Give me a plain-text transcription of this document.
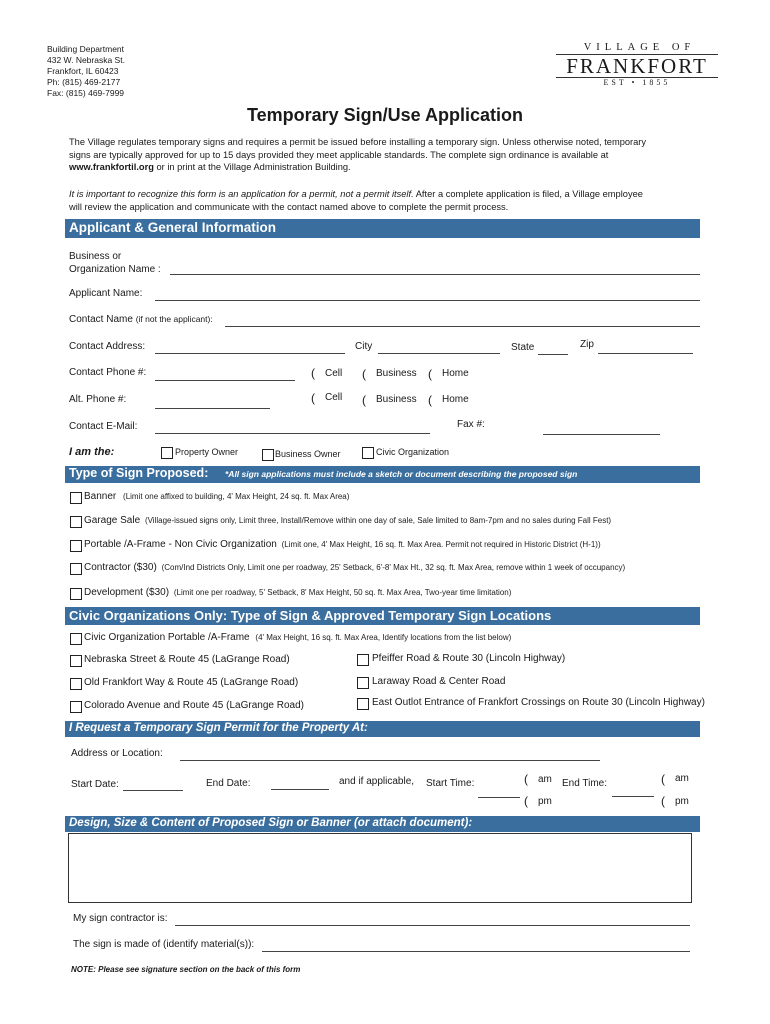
Building Department
432 W. Nebraska St.
Frankfort, IL 60423
Ph: (815) 469-2177
Fax: (815) 469-7999
VILLAGE OF
FRANKFORT
EST • 1855
Temporary Sign/Use Application
The Village regulates temporary signs and requires a permit be issued before installing a temporary sign. Unless otherwise noted, temporary
signs are typically approved for up to 15 days provided they meet applicable standards. The complete sign ordinance is available at
www.frankfortil.org or in print at the Village Administration Building.
It is important to recognize this form is an application for a permit, not a permit itself. After a complete application is filed, a Village employee
will review the application and communicate with the contact named above to complete the permit process.
Applicant & General Information
Business or
Organization Name :
Applicant Name:
Contact Name (if not the applicant):
Contact Address:	City	State	Zip
Contact Phone #:	( Cell ( Business ( Home
Alt. Phone #:	( Cell ( Business ( Home
Fax #:
Contact E-Mail:
I am the:	Property Owner	Business Owner	Civic Organization
Type of Sign Proposed: *All sign applications must include a sketch or document describing the proposed sign
Banner (Limit one affixed to building, 4' Max Height, 24 sq. ft. Max Area)
Garage Sale (Village-issued signs only, Limit three, Install/Remove within one day of sale, Sale limited to 8am-7pm and no sales during Fall Fest)
Portable /A-Frame - Non Civic Organization (Limit one, 4' Max Height, 16 sq. ft. Max Area. Permit not required in Historic District (H-1))
Contractor ($30) (Com/Ind Districts Only, Limit one per roadway, 25' Setback, 6'-8' Max Ht., 32 sq. ft. Max Area, remove within 1 week of occupancy)
Development ($30) (Limit one per roadway, 5' Setback, 8' Max Height, 50 sq. ft. Max Area, Two-year time limitation)
Civic Organizations Only: Type of Sign & Approved Temporary Sign Locations
Civic Organization Portable /A-Frame (4' Max Height, 16 sq. ft. Max Area, Identify locations from the list below)
Nebraska Street & Route 45 (LaGrange Road)	Pfeiffer Road & Route 30 (Lincoln Highway)
Old Frankfort Way & Route 45 (LaGrange Road)	Laraway Road & Center Road
Colorado Avenue and Route 45 (LaGrange Road)	East Outlot Entrance of Frankfort Crossings on Route 30 (Lincoln Highway)
I Request a Temporary Sign Permit for the Property At:
Address or Location:
Start Date:	End Date:	and if applicable, Start Time:	( am
( pm
End Time:	( am
( pm
Design, Size & Content of Proposed Sign or Banner (or attach document):
My sign contractor is:
The sign is made of (identify material(s)):
NOTE: Please see signature section on the back of this form
